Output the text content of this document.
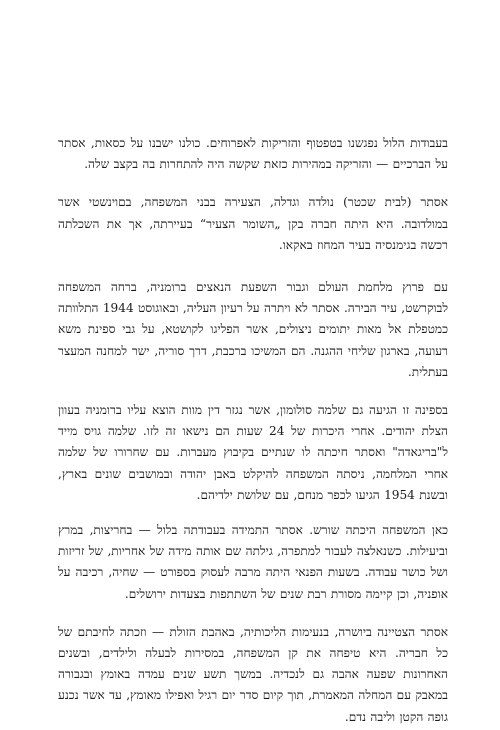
בעבודות הלול נפגשנו בטפטוף והזריקות לאפרוחים. כולנו ישבנו על כסאות, אסתר על הברכיים — והזריקה במהירות כזאת שקשה היה להתחרות בה בקצב שלה.

אסתר (לבית שכטר) נולדה וגדלה, הצעירה בבני המשפחה, בםוינשטי אשר במולדובה. היא היתה חברה בקן „השומר הצעיר“ בעיירתה, אך את השכלתה רכשה בגימנסיה בעיר המחוז באקאו.

עם פרוץ מלחמת העולם וגבור השפעת הנאצים ברומניה, ברחה המשפחה לבוקרשט, עיר הבירה. אסתר לא ויתרה על רעיון העליה, ובאוגוסט 1944 התלוותה כמטפלת אל מאות יתומים ניצולים, אשר הפליגו לקושטא, על גבי ספינת משא רעועה, בארגון שליחי ההגנה. הם המשיכו ברכבת, דרך סוריה, ישר למחנה המעצר בעתלית.

בספינה זו הגיעה גם שלמה סולומון, אשר נגזר דין מוות הוצא עליו ברומניה בעוון הצלת יהודים. אחרי היכרות של 24 שעות הם נישאו זה לזו. שלמה גויס מייד ל"בריגאדה" ואסתר חיכתה לו שנתיים בקיבוץ מעברות. עם שחרורו של שלמה אחרי המלחמה, ניסתה המשפחה להיקלט באבן יהודה ובמושבים שונים בארץ, ובשנת 1954 הגיעו לכפר מנחם, עם שלושת ילדיהם.

כאן המשפחה היכתה שורש. אסתר התמידה בעבודתה בלול — בחריצות, במרץ וביעילות. כשנאלצה לעבור למתפרה, גילתה שם אותה מידה של אחריות, של זריזות ושל כושר עבודה. בשעות הפנאי היתה מרבה לעסוק בספורט — שחיה, רכיבה על אופניה, וכן קיימה מסורת רבת שנים של השתתפות בצעדות ירושלים.

אסתר הצטיינה ביושרה, בנעימות הליכותיה, באהבת הזולת — וזכתה לחיבתם של כל חבריה. היא טיפחה את קן המשפחה, במסירות לבעלה ולילדים, ובשנים האחרונות שפעה אהבה גם לנכדיה. במשך תשע שנים עמדה באומץ ובגבורה במאבק עם המחלה המאמרת, תוך קיום סדר יום רגיל ואפילו מאומץ, עד אשר נכנע גופה הקטן וליבה נדם.
